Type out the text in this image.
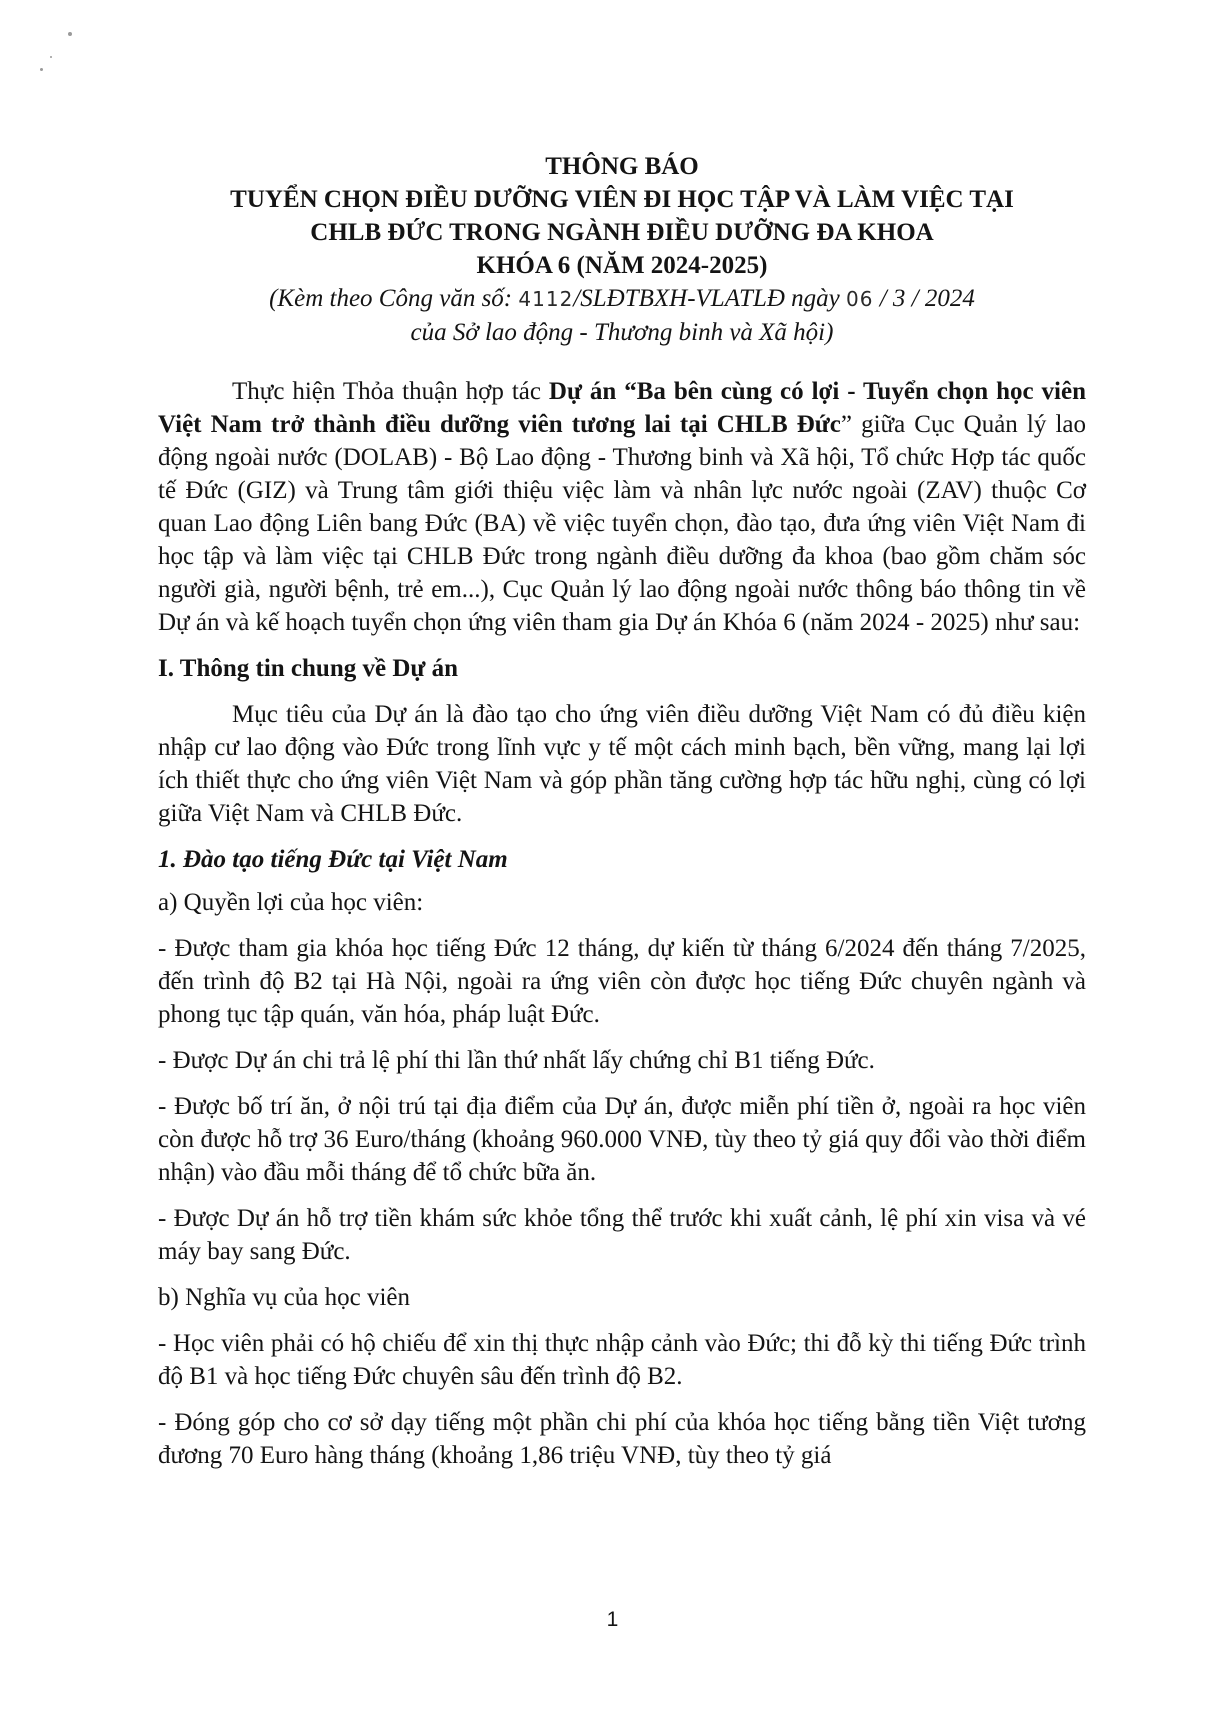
THÔNG BÁO
TUYỂN CHỌN ĐIỀU DƯỠNG VIÊN ĐI HỌC TẬP VÀ LÀM VIỆC TẠI
CHLB ĐỨC TRONG NGÀNH ĐIỀU DƯỠNG ĐA KHOA
KHÓA 6 (NĂM 2024-2025)
(Kèm theo Công văn số: 4112/SLĐTBXH-VLATLĐ ngày 06 / 3 / 2024
của Sở lao động - Thương binh và Xã hội)

Thực hiện Thỏa thuận hợp tác Dự án “Ba bên cùng có lợi - Tuyển chọn học viên Việt Nam trở thành điều dưỡng viên tương lai tại CHLB Đức” giữa Cục Quản lý lao động ngoài nước (DOLAB) - Bộ Lao động - Thương binh và Xã hội, Tổ chức Hợp tác quốc tế Đức (GIZ) và Trung tâm giới thiệu việc làm và nhân lực nước ngoài (ZAV) thuộc Cơ quan Lao động Liên bang Đức (BA) về việc tuyển chọn, đào tạo, đưa ứng viên Việt Nam đi học tập và làm việc tại CHLB Đức trong ngành điều dưỡng đa khoa (bao gồm chăm sóc người già, người bệnh, trẻ em...), Cục Quản lý lao động ngoài nước thông báo thông tin về Dự án và kế hoạch tuyển chọn ứng viên tham gia Dự án Khóa 6 (năm 2024 - 2025) như sau:

I. Thông tin chung về Dự án

Mục tiêu của Dự án là đào tạo cho ứng viên điều dưỡng Việt Nam có đủ điều kiện nhập cư lao động vào Đức trong lĩnh vực y tế một cách minh bạch, bền vững, mang lại lợi ích thiết thực cho ứng viên Việt Nam và góp phần tăng cường hợp tác hữu nghị, cùng có lợi giữa Việt Nam và CHLB Đức.

1. Đào tạo tiếng Đức tại Việt Nam

a) Quyền lợi của học viên:

- Được tham gia khóa học tiếng Đức 12 tháng, dự kiến từ tháng 6/2024 đến tháng 7/2025, đến trình độ B2 tại Hà Nội, ngoài ra ứng viên còn được học tiếng Đức chuyên ngành và phong tục tập quán, văn hóa, pháp luật Đức.

- Được Dự án chi trả lệ phí thi lần thứ nhất lấy chứng chỉ B1 tiếng Đức.

- Được bố trí ăn, ở nội trú tại địa điểm của Dự án, được miễn phí tiền ở, ngoài ra học viên còn được hỗ trợ 36 Euro/tháng (khoảng 960.000 VNĐ, tùy theo tỷ giá quy đổi vào thời điểm nhận) vào đầu mỗi tháng để tổ chức bữa ăn.

- Được Dự án hỗ trợ tiền khám sức khỏe tổng thể trước khi xuất cảnh, lệ phí xin visa và vé máy bay sang Đức.

b) Nghĩa vụ của học viên

- Học viên phải có hộ chiếu để xin thị thực nhập cảnh vào Đức; thi đỗ kỳ thi tiếng Đức trình độ B1 và học tiếng Đức chuyên sâu đến trình độ B2.

- Đóng góp cho cơ sở dạy tiếng một phần chi phí của khóa học tiếng bằng tiền Việt tương đương 70 Euro hàng tháng (khoảng 1,86 triệu VNĐ, tùy theo tỷ giá

1
